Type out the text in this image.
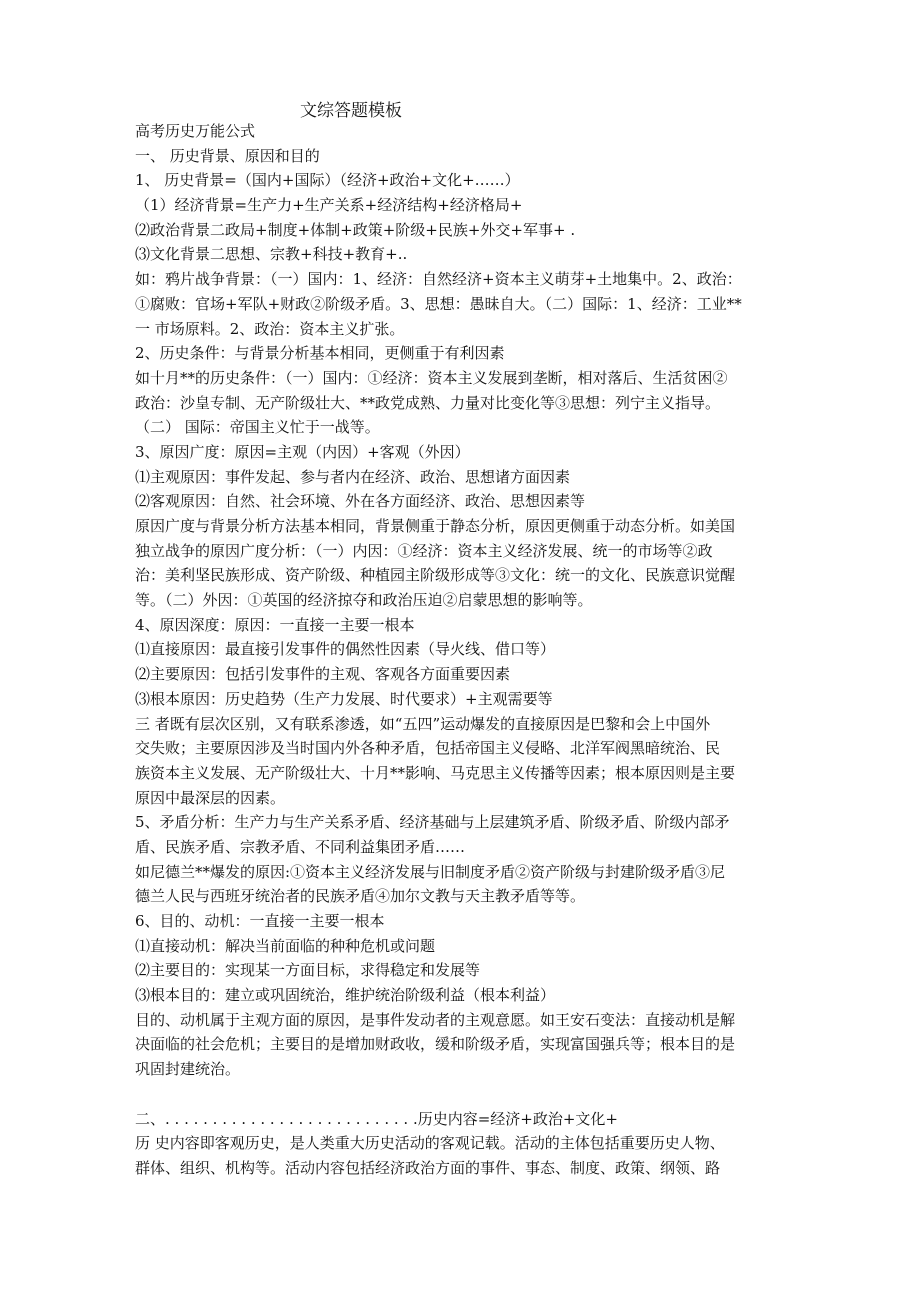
文综答题模板
高考历史万能公式
一、 历史背景、原因和目的
1、 历史背景=（国内+国际）（经济+政治+文化+……）
（1）经济背景=生产力+生产关系+经济结构+经济格局+
⑵政治背景二政局+制度+体制+政策+阶级+民族+外交+军事+ .
⑶文化背景二思想、宗教+科技+教育+..
如：鸦片战争背景：（一）国内：1、经济：自然经济+资本主义萌芽+土地集中。2、政治：
①腐败：官场+军队+财政②阶级矛盾。3、思想：愚昧自大。（二）国际：1、经济：工业**
一 市场原料。2、政治：资本主义扩张。
2、历史条件：与背景分析基本相同，更侧重于有利因素
如十月**的历史条件：（一）国内：①经济：资本主义发展到垄断，相对落后、生活贫困②
政治：沙皇专制、无产阶级壮大、**政党成熟、力量对比变化等③思想：列宁主义指导。
（二） 国际：帝国主义忙于一战等。
3、原因广度：原因=主观（内因）+客观（外因）
⑴主观原因：事件发起、参与者内在经济、政治、思想诸方面因素
⑵客观原因：自然、社会环境、外在各方面经济、政治、思想因素等
原因广度与背景分析方法基本相同，背景侧重于静态分析，原因更侧重于动态分析。如美国
独立战争的原因广度分析：（一）内因：①经济：资本主义经济发展、统一的市场等②政
治：美利坚民族形成、资产阶级、种植园主阶级形成等③文化：统一的文化、民族意识觉醒
等。（二）外因：①英国的经济掠夺和政治压迫②启蒙思想的影响等。
4、原因深度：原因：一直接一主要一根本
⑴直接原因：最直接引发事件的偶然性因素（导火线、借口等）
⑵主要原因：包括引发事件的主观、客观各方面重要因素
⑶根本原因：历史趋势（生产力发展、时代要求）+主观需要等
三 者既有层次区别，又有联系渗透，如“五四”运动爆发的直接原因是巴黎和会上中国外
交失败；主要原因涉及当时国内外各种矛盾，包括帝国主义侵略、北洋军阀黑暗统治、民
族资本主义发展、无产阶级壮大、十月**影响、马克思主义传播等因素；根本原因则是主要
原因中最深层的因素。
5、矛盾分析：生产力与生产关系矛盾、经济基础与上层建筑矛盾、阶级矛盾、阶级内部矛
盾、民族矛盾、宗教矛盾、不同利益集团矛盾……
如尼德兰**爆发的原因:①资本主义经济发展与旧制度矛盾②资产阶级与封建阶级矛盾③尼
德兰人民与西班牙统治者的民族矛盾④加尔文教与天主教矛盾等等。
6、目的、动机：一直接一主要一根本
⑴直接动机：解决当前面临的种种危机或问题
⑵主要目的：实现某一方面目标，求得稳定和发展等
⑶根本目的：建立或巩固统治，维护统治阶级利益（根本利益）
目的、动机属于主观方面的原因，是事件发动者的主观意愿。如王安石变法：直接动机是解
决面临的社会危机；主要目的是增加财政收，缓和阶级矛盾，实现富国强兵等；根本目的是
巩固封建统治。
二、. . . . . . . . . . . . . . . . . . . . . . . . . . .历史内容=经济+政治+文化+
历 史内容即客观历史，是人类重大历史活动的客观记载。活动的主体包括重要历史人物、
群体、组织、机构等。活动内容包括经济政治方面的事件、事态、制度、政策、纲领、路
